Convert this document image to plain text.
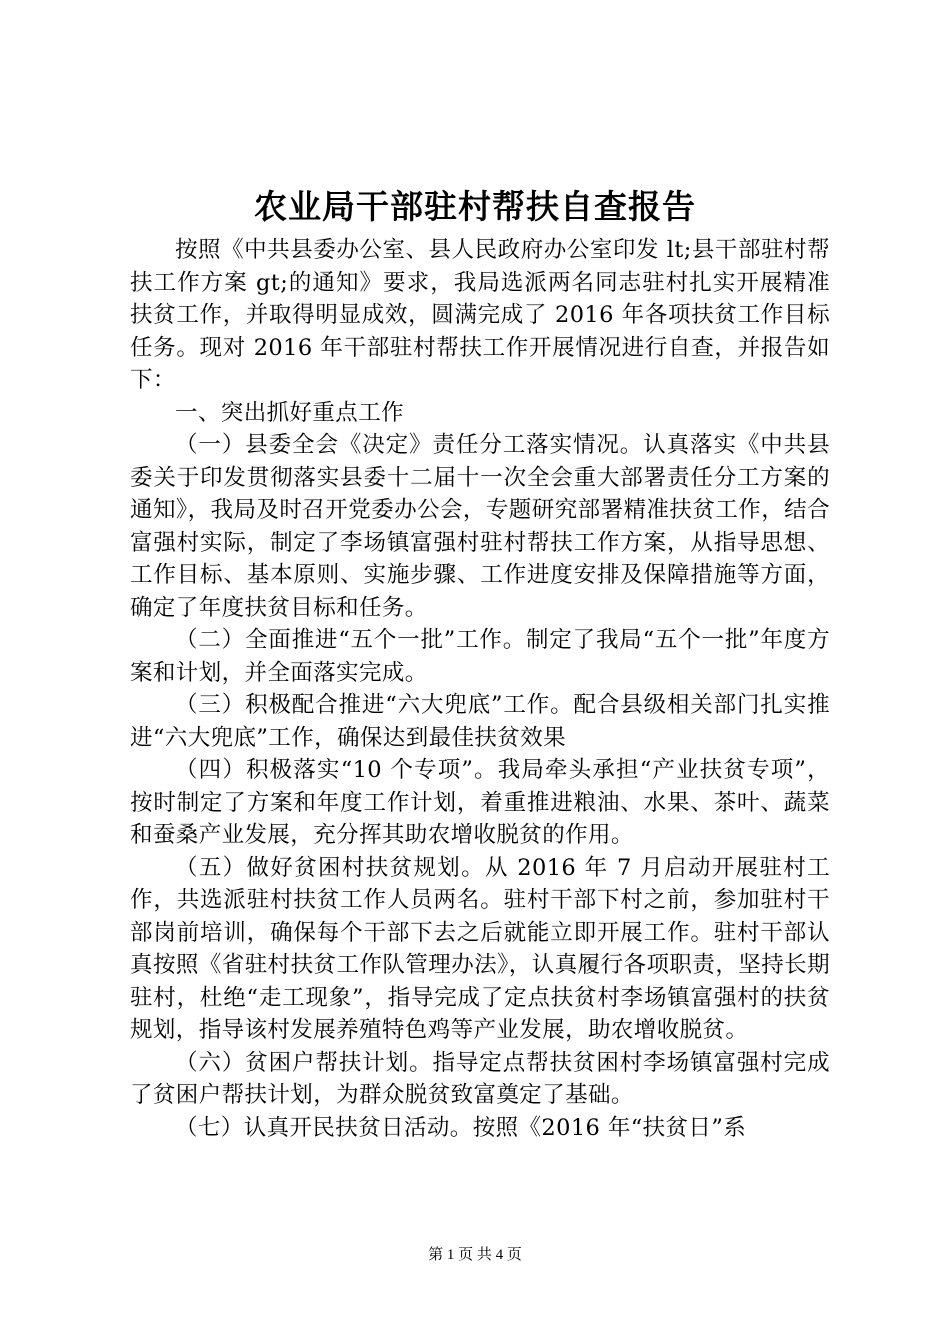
农业局干部驻村帮扶自查报告

按照《中共县委办公室、县人民政府办公室印发 lt;县干部驻村帮扶工作方案 gt;的通知》要求，我局选派两名同志驻村扎实开展精准扶贫工作，并取得明显成效，圆满完成了 2016 年各项扶贫工作目标任务。现对 2016 年干部驻村帮扶工作开展情况进行自查，并报告如下：

一、突出抓好重点工作

（一）县委全会《决定》责任分工落实情况。认真落实《中共县委关于印发贯彻落实县委十二届十一次全会重大部署责任分工方案的通知》，我局及时召开党委办公会，专题研究部署精准扶贫工作，结合富强村实际，制定了李场镇富强村驻村帮扶工作方案，从指导思想、工作目标、基本原则、实施步骤、工作进度安排及保障措施等方面，确定了年度扶贫目标和任务。

（二）全面推进“五个一批”工作。制定了我局“五个一批”年度方案和计划，并全面落实完成。

（三）积极配合推进“六大兜底”工作。配合县级相关部门扎实推进“六大兜底”工作，确保达到最佳扶贫效果

（四）积极落实“10 个专项”。我局牵头承担“产业扶贫专项”，按时制定了方案和年度工作计划，着重推进粮油、水果、茶叶、蔬菜和蚕桑产业发展，充分挥其助农增收脱贫的作用。

（五）做好贫困村扶贫规划。从 2016 年 7 月启动开展驻村工作，共选派驻村扶贫工作人员两名。驻村干部下村之前，参加驻村干部岗前培训，确保每个干部下去之后就能立即开展工作。驻村干部认真按照《省驻村扶贫工作队管理办法》，认真履行各项职责，坚持长期驻村，杜绝“走工现象”，指导完成了定点扶贫村李场镇富强村的扶贫规划，指导该村发展养殖特色鸡等产业发展，助农增收脱贫。

（六）贫困户帮扶计划。指导定点帮扶贫困村李场镇富强村完成了贫困户帮扶计划，为群众脱贫致富奠定了基础。

（七）认真开民扶贫日活动。按照《2016 年“扶贫日”系

第 1 页 共 4 页
